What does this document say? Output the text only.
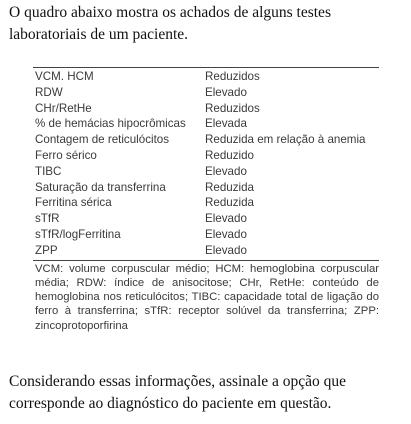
O quadro abaixo mostra os achados de alguns testes laboratoriais de um paciente.
VCM. HCM	Reduzidos
RDW	Elevado
CHr/RetHe	Reduzidos
% de hemácias hipocrômicas	Elevada
Contagem de reticulócitos	Reduzida em relação à anemia
Ferro sérico	Reduzido
TIBC	Elevado
Saturação da transferrina	Reduzida
Ferritina sérica	Reduzida
sTfR	Elevado
sTfR/logFerritina	Elevado
ZPP	Elevado
VCM: volume corpuscular médio; HCM: hemoglobina corpuscular média; RDW: índice de anisocitose; CHr, RetHe: conteúdo de hemoglobina nos reticulócitos; TIBC: capacidade total de ligação do ferro à transferrina; sTfR: receptor solúvel da transferrina; ZPP: zincoprotoporfirina
Considerando essas informações, assinale a opção que corresponde ao diagnóstico do paciente em questão.
